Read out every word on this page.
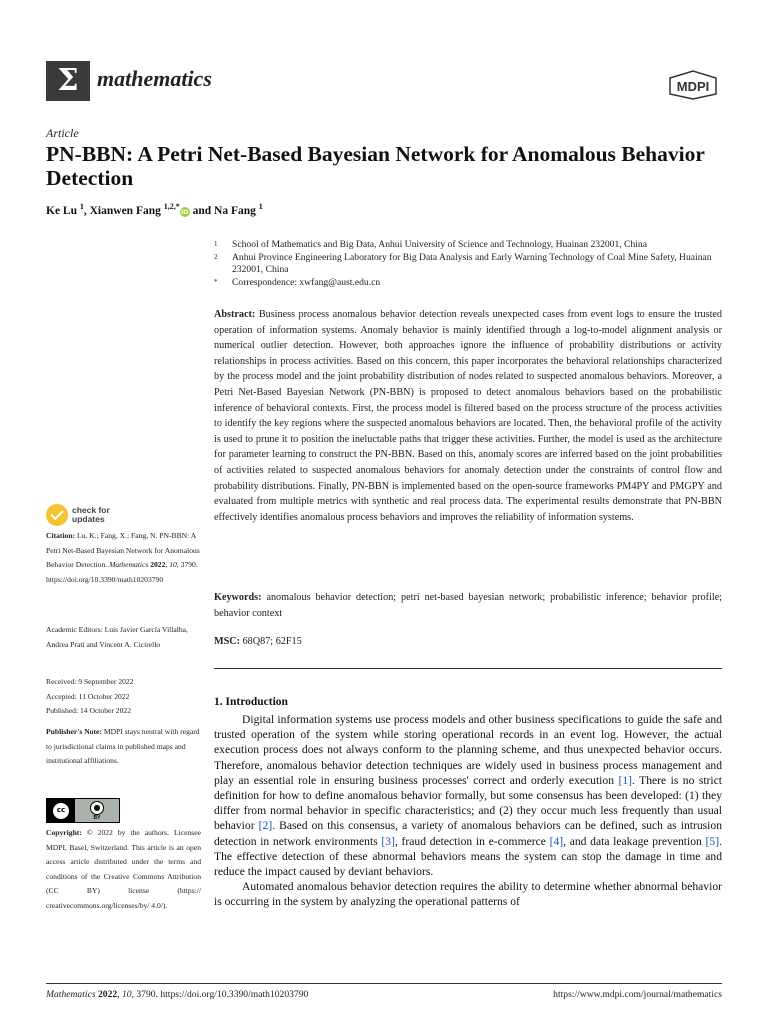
Σ mathematics	MDPI
Article
PN-BBN: A Petri Net-Based Bayesian Network for Anomalous Behavior Detection
Ke Lu $^1$, Xianwen Fang $^{1,2,*}$iD and Na Fang $^1$
1	School of Mathematics and Big Data, Anhui University of Science and Technology, Huainan 232001, China
2	Anhui Province Engineering Laboratory for Big Data Analysis and Early Warning Technology of Coal Mine Safety, Huainan 232001, China
*	Correspondence: xwfang@aust.edu.cn
Abstract: Business process anomalous behavior detection reveals unexpected cases from event logs to ensure the trusted operation of information systems. Anomaly behavior is mainly identified through a log-to-model alignment analysis or numerical outlier detection. However, both approaches ignore the influence of probability distributions or activity relationships in process activities. Based on this concern, this paper incorporates the behavioral relationships characterized by the process model and the joint probability distribution of nodes related to suspected anomalous behaviors. Moreover, a Petri Net-Based Bayesian Network (PN-BBN) is proposed to detect anomalous behaviors based on the probabilistic inference of behavioral contexts. First, the process model is filtered based on the process structure of the process activities to identify the key regions where the suspected anomalous behaviors are located. Then, the behavioral profile of the activity is used to prune it to position the ineluctable paths that trigger these activities. Further, the model is used as the architecture for parameter learning to construct the PN-BBN. Based on this, anomaly scores are inferred based on the joint probabilities of activities related to suspected anomalous behaviors for anomaly detection under the constraints of control flow and probability distributions. Finally, PN-BBN is implemented based on the open-source frameworks PM4PY and PMGPY and evaluated from multiple metrics with synthetic and real process data. The experimental results demonstrate that PN-BBN effectively identifies anomalous process behaviors and improves the reliability of information systems.
Keywords: anomalous behavior detection; petri net-based bayesian network; probabilistic inference; behavior profile; behavior context
MSC: 68Q87; 62F15
check for
updates
Citation: Lu, K.; Fang, X.; Fang, N. PN-BBN: A Petri Net-Based Bayesian Network for Anomalous Behavior Detection. Mathematics 2022, 10, 3790. https://doi.org/10.3390/math10203790
Academic Editors: Luis Javier García Villalba, Andrea Prati and Vincent A. Cicirello
Received: 9 September 2022
Accepted: 11 October 2022
Published: 14 October 2022
Publisher's Note: MDPI stays neutral with regard to jurisdictional claims in published maps and institutional affiliations.
cc	●
BY
Copyright: © 2022 by the authors. Licensee MDPI, Basel, Switzerland. This article is an open access article distributed under the terms and conditions of the Creative Commons Attribution (CC BY) license (https:// creativecommons.org/licenses/by/ 4.0/).
1. Introduction

Digital information systems use process models and other business specifications to guide the safe and trusted operation of the system while storing operational records in an event log. However, the actual execution process does not always conform to the planning scheme, and thus unexpected behavior occurs. Therefore, anomalous behavior detection techniques are widely used in business process management and play an essential role in ensuring business processes' correct and orderly execution [1]. There is no strict definition for how to define anomalous behavior formally, but some consensus has been developed: (1) they differ from normal behavior in specific characteristics; and (2) they occur much less frequently than usual behavior [2]. Based on this consensus, a variety of anomalous behaviors can be defined, such as intrusion detection in network environments [3], fraud detection in e-commerce [4], and data leakage prevention [5]. The effective detection of these abnormal behaviors means the system can stop the damage in time and reduce the impact caused by deviant behaviors.

Automated anomalous behavior detection requires the ability to determine whether abnormal behavior is occurring in the system by analyzing the operational patterns of

Mathematics 2022, 10, 3790. https://doi.org/10.3390/math10203790	https://www.mdpi.com/journal/mathematics
